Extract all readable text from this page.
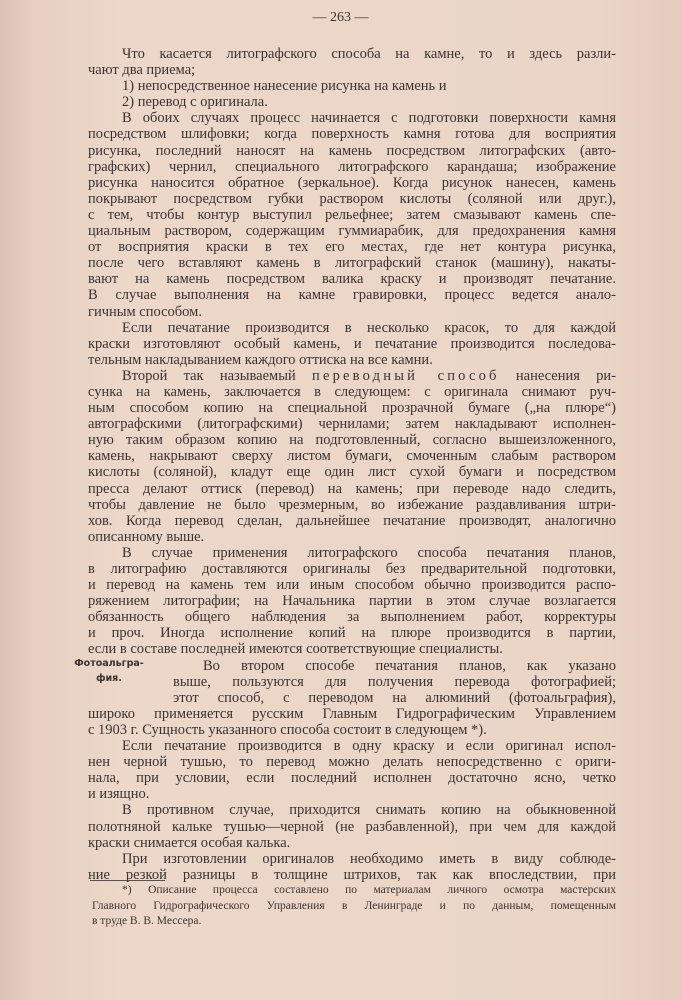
— 263 —
Что касается литографского способа на камне, то и здесь разли-
чают два приема;
1) непосредственное нанесение рисунка на камень и
2) перевод с оригинала.
В обоих случаях процесс начинается с подготовки поверхности камня
посредством шлифовки; когда поверхность камня готова для восприятия
рисунка, последний наносят на камень посредством литографских (авто-
графских) чернил, специального литографского карандаша; изображение
рисунка наносится обратное (зеркальное). Когда рисунок нанесен, камень
покрывают посредством губки раствором кислоты (соляной или друг.),
с тем, чтобы контур выступил рельефнее; затем смазывают камень спе-
циальным раствором, содержащим гуммиарабик, для предохранения камня
от восприятия краски в тех его местах, где нет контура рисунка,
после чего вставляют камень в литографский станок (машину), накаты-
вают на камень посредством валика краску и производят печатание.
В случае выполнения на камне гравировки, процесс ведется анало-
гичным способом.
Если печатание производится в несколько красок, то для каждой
краски изготовляют особый камень, и печатание производится последова-
тельным накладыванием каждого оттиска на все камни.
Второй так называемый переводный способ нанесения ри-
сунка на камень, заключается в следующем: с оригинала снимают руч-
ным способом копию на специальной прозрачной бумаге („на плюре“)
автографскими (литографскими) чернилами; затем накладывают исполнен-
ную таким образом копию на подготовленный, согласно вышеизложенного,
камень, накрывают сверху листом бумаги, смоченным слабым раствором
кислоты (соляной), кладут еще один лист сухой бумаги и посредством
пресса делают оттиск (перевод) на камень; при переводе надо следить,
чтобы давление не было чрезмерным, во избежание раздавливания штри-
хов. Когда перевод сделан, дальнейшее печатание производят, аналогично
описанному выше.
В случае применения литографского способа печатания планов,
в литографию доставляются оригиналы без предварительной подготовки,
и перевод на камень тем или иным способом обычно производится распо-
ряжением литографии; на Начальника партии в этом случае возлагается
обязанность общего наблюдения за выполнением работ, корректуры
и проч. Иногда исполнение копий на плюре производится в партии,
если в составе последней имеются соответствующие специалисты.
Во втором способе печатания планов, как указано
выше, пользуются для получения перевода фотографией;
этот способ, с переводом на алюминий (фотоальграфия),
широко применяется русским Главным Гидрографическим Управлением
с 1903 г. Сущность указанного способа состоит в следующем *).
Если печатание производится в одну краску и если оригинал испол-
нен черной тушью, то перевод можно делать непосредственно с ориги-
нала, при условии, если последний исполнен достаточно ясно, четко
и изящно.
В противном случае, приходится снимать копию на обыкновенной
полотняной кальке тушью—черной (не разбавленной), при чем для каждой
краски снимается особая калька.
При изготовлении оригиналов необходимо иметь в виду соблюде-
ние резкой разницы в толщине штрихов, так как впоследствии, при
Фотоальгра-
фия.
*) Описание процесса составлено по материалам личного осмотра мастерских
Главного Гидрографического Управления в Ленинграде и по данным, помещенным
в труде В. В. Мессера.
